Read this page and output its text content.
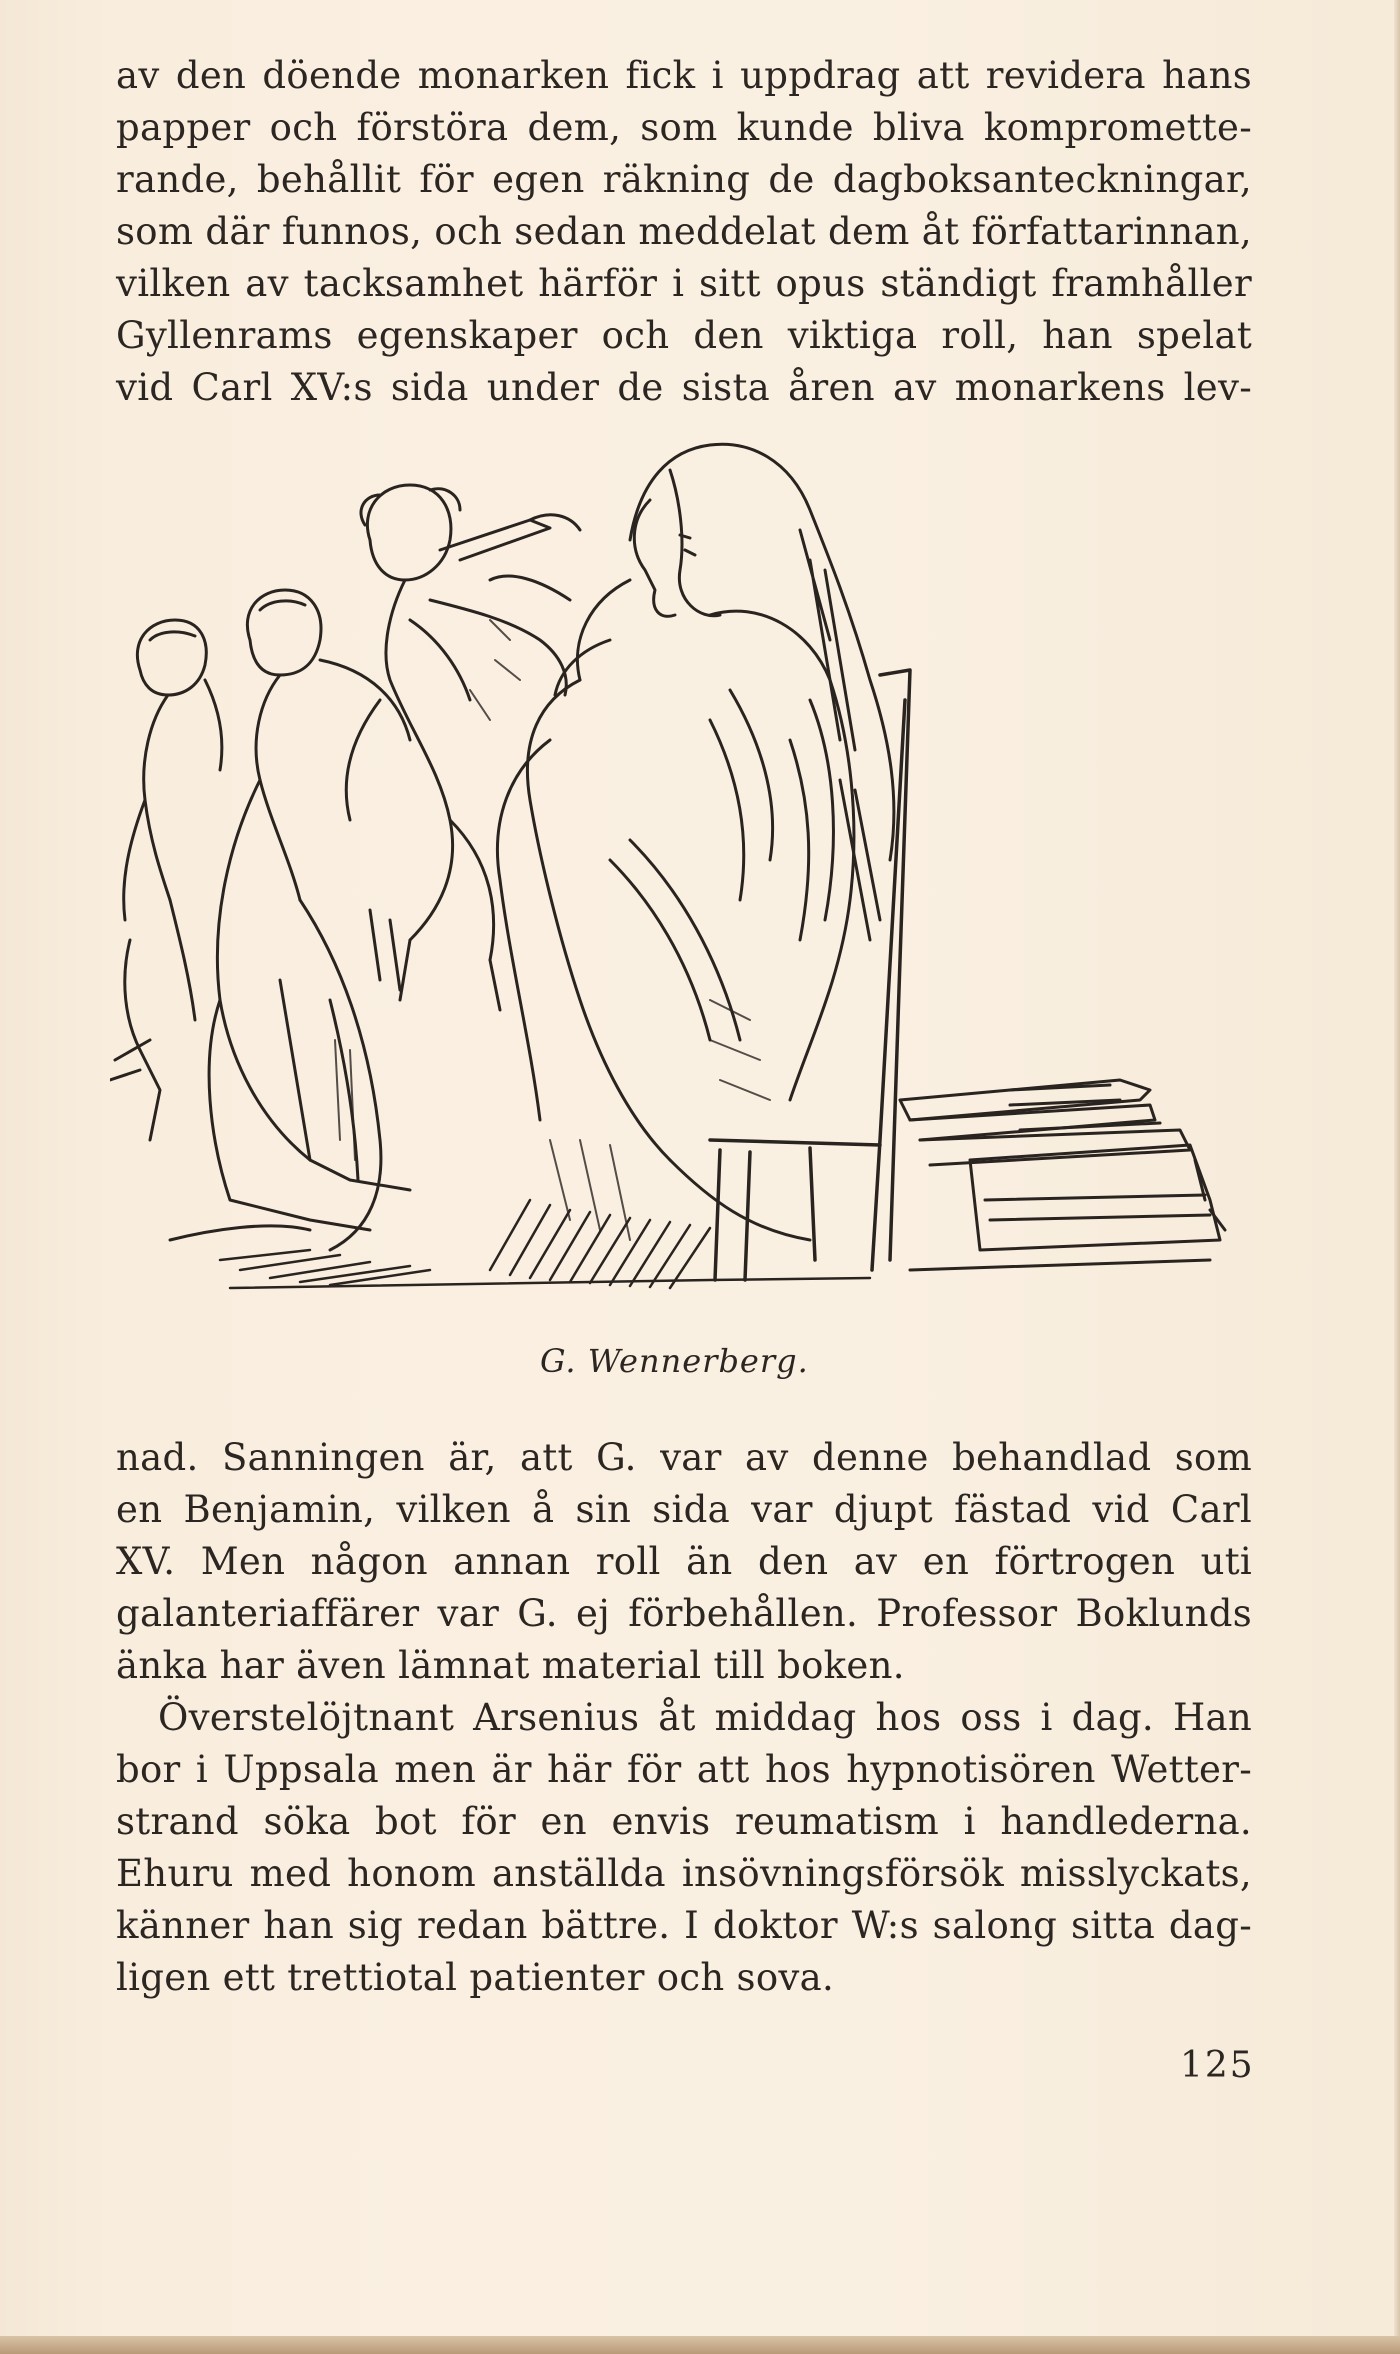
av den döende monarken fick i uppdrag att revidera hans
papper och förstöra dem, som kunde bliva kompromette-
rande, behållit för egen räkning de dagboksanteckningar,
som där funnos, och sedan meddelat dem åt författarinnan,
vilken av tacksamhet härför i sitt opus ständigt framhåller
Gyllenrams egenskaper och den viktiga roll, han spelat
vid Carl XV:s sida under de sista åren av monarkens lev-
G. Wennerberg.
nad. Sanningen är, att G. var av denne behandlad som
en Benjamin, vilken å sin sida var djupt fästad vid Carl
XV. Men någon annan roll än den av en förtrogen uti
galanteriaffärer var G. ej förbehållen. Professor Boklunds
änka har även lämnat material till boken.
Överstelöjtnant Arsenius åt middag hos oss i dag. Han
bor i Uppsala men är här för att hos hypnotisören Wetter-
strand söka bot för en envis reumatism i handlederna.
Ehuru med honom anställda insövningsförsök misslyckats,
känner han sig redan bättre. I doktor W:s salong sitta dag-
ligen ett trettiotal patienter och sova.
125
